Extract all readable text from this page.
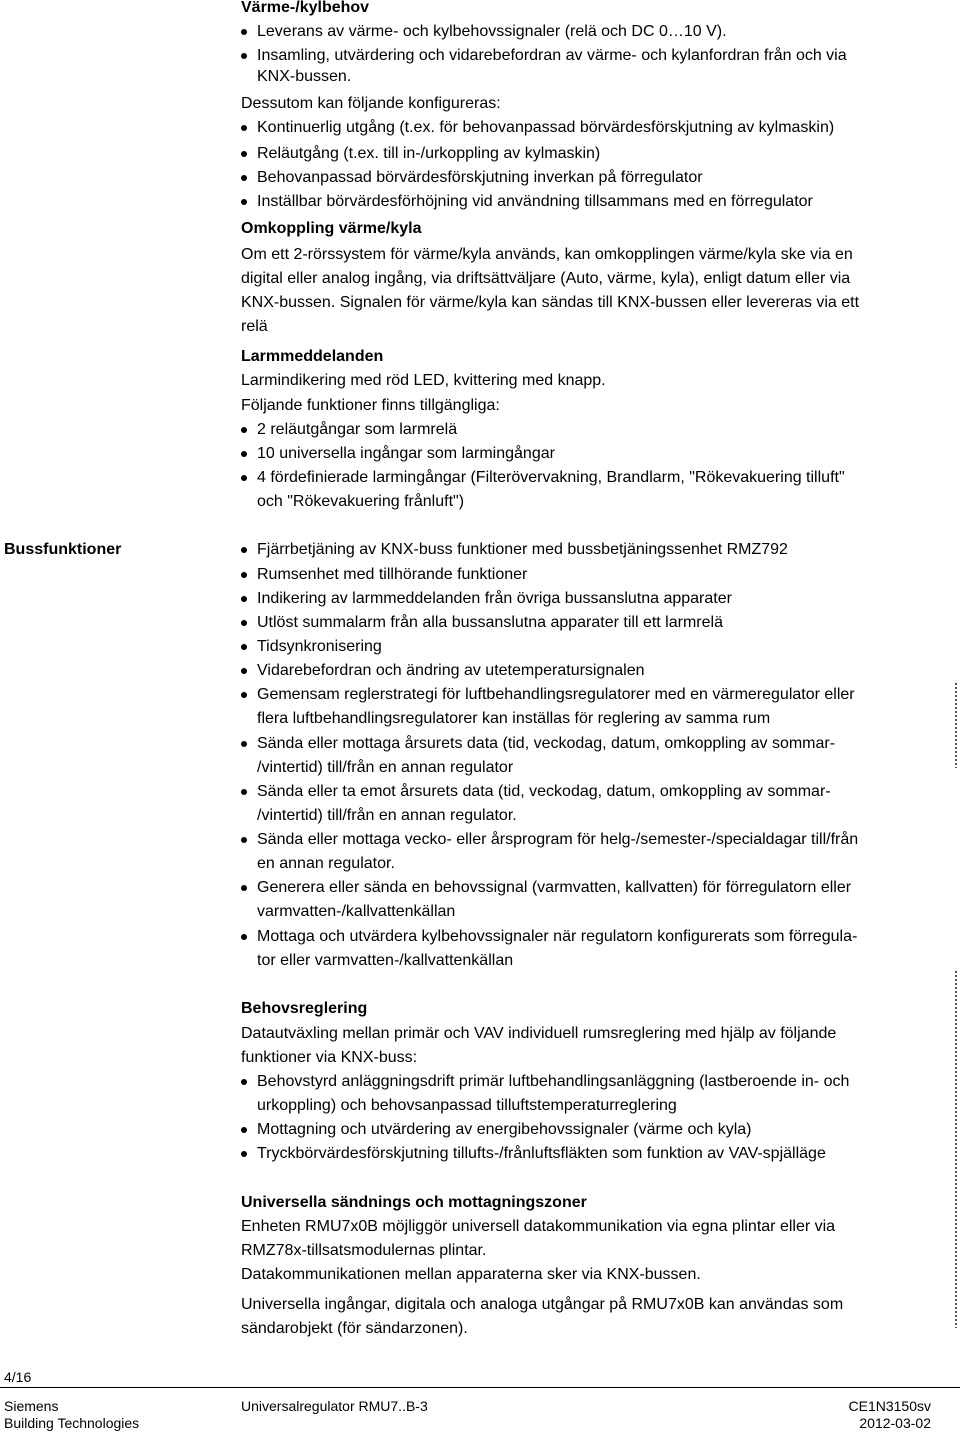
Värme-/kylbehov
Leverans av värme- och kylbehovssignaler (relä och DC 0…10 V).
Insamling, utvärdering och vidarebefordran av värme- och kylanfordran från och via
KNX-bussen.
Dessutom kan följande konfigureras:
Kontinuerlig utgång (t.ex. för behovanpassad börvärdesförskjutning av kylmaskin)
Reläutgång (t.ex. till in-/urkoppling av kylmaskin)
Behovanpassad börvärdesförskjutning inverkan på förregulator
Inställbar börvärdesförhöjning vid användning tillsammans med en förregulator
Omkoppling värme/kyla
Om ett 2-rörssystem för värme/kyla används, kan omkopplingen värme/kyla ske via en
digital eller analog ingång, via driftsättväljare (Auto, värme, kyla), enligt datum eller via
KNX-bussen. Signalen för värme/kyla kan sändas till KNX-bussen eller levereras via ett
relä
Larmmeddelanden
Larmindikering med röd LED, kvittering med knapp.
Följande funktioner finns tillgängliga:
2 reläutgångar som larmrelä
10 universella ingångar som larmingångar
4 fördefinierade larmingångar (Filterövervakning, Brandlarm, "Rökevakuering tilluft"
och "Rökevakuering frånluft")
Bussfunktioner	Fjärrbetjäning av KNX-buss funktioner med bussbetjäningssenhet RMZ792
Rumsenhet med tillhörande funktioner
Indikering av larmmeddelanden från övriga bussanslutna apparater
Utlöst summalarm från alla bussanslutna apparater till ett larmrelä
Tidsynkronisering
Vidarebefordran och ändring av utetemperatursignalen
Gemensam reglerstrategi för luftbehandlingsregulatorer med en värmeregulator eller
flera luftbehandlingsregulatorer kan inställas för reglering av samma rum
Sända eller mottaga årsurets data (tid, veckodag, datum, omkoppling av sommar-
/vintertid) till/från en annan regulator
Sända eller ta emot årsurets data (tid, veckodag, datum, omkoppling av sommar-
/vintertid) till/från en annan regulator.
Sända eller mottaga vecko- eller årsprogram för helg-/semester-/specialdagar till/från
en annan regulator.
Generera eller sända en behovssignal (varmvatten, kallvatten) för förregulatorn eller
varmvatten-/kallvattenkällan
Mottaga och utvärdera kylbehovssignaler när regulatorn konfigurerats som förregula-
tor eller varmvatten-/kallvattenkällan
Behovsreglering
Datautväxling mellan primär och VAV individuell rumsreglering med hjälp av följande
funktioner via KNX-buss:
Behovstyrd anläggningsdrift primär luftbehandlingsanläggning (lastberoende in- och
urkoppling) och behovsanpassad tilluftstemperaturreglering
Mottagning och utvärdering av energibehovssignaler (värme och kyla)
Tryckbörvärdesförskjutning tillufts-/frånluftsfläkten som funktion av VAV-spjälläge
Universella sändnings och mottagningszoner
Enheten RMU7x0B möjliggör universell datakommunikation via egna plintar eller via
RMZ78x-tillsatsmodulernas plintar.
Datakommunikationen mellan apparaterna sker via KNX-bussen.
Universella ingångar, digitala och analoga utgångar på RMU7x0B kan användas som
sändarobjekt (för sändarzonen).
4/16
Siemens
Building Technologies
Universalregulator RMU7..B-3	CE1N3150sv
2012-03-02
